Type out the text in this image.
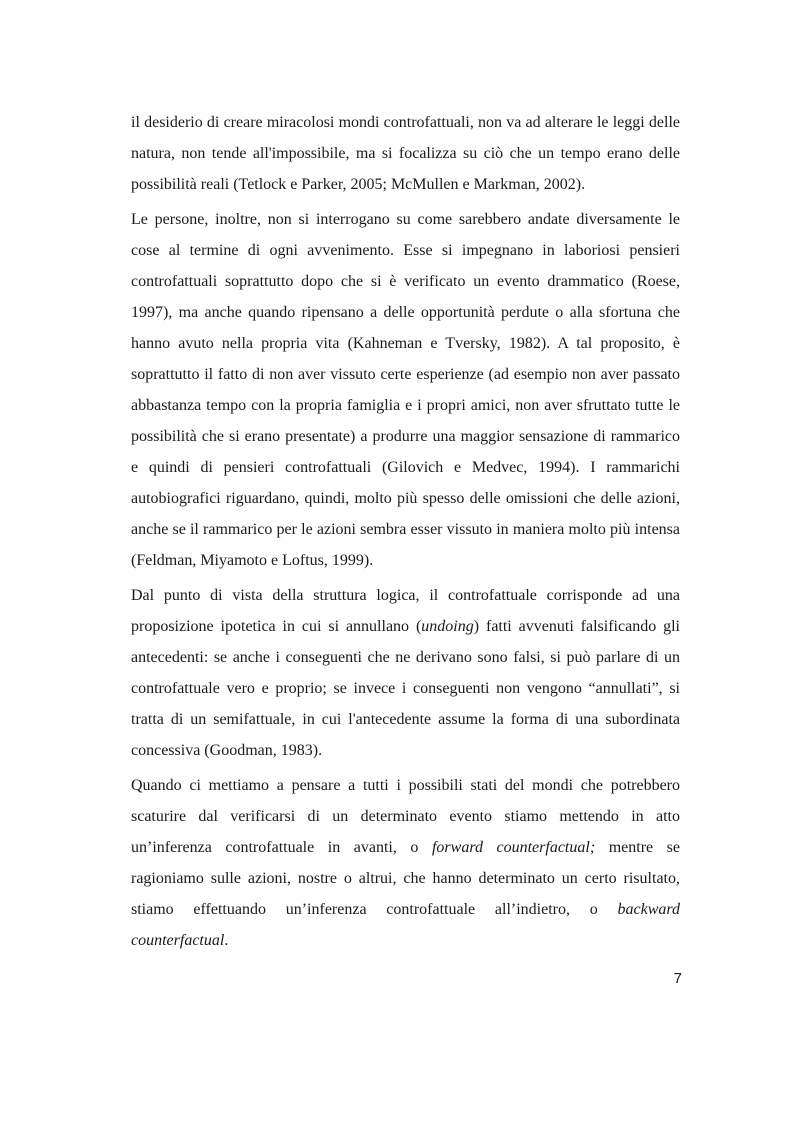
il desiderio di creare miracolosi mondi controfattuali, non va ad alterare le leggi delle natura, non tende all'impossibile, ma si focalizza su ciò che un tempo erano delle possibilità reali (Tetlock e Parker, 2005; McMullen e Markman, 2002).

Le persone, inoltre, non si interrogano su come sarebbero andate diversamente le cose al termine di ogni avvenimento. Esse si impegnano in laboriosi pensieri controfattuali soprattutto dopo che si è verificato un evento drammatico (Roese, 1997), ma anche quando ripensano a delle opportunità perdute o alla sfortuna che hanno avuto nella propria vita (Kahneman e Tversky, 1982). A tal proposito, è soprattutto il fatto di non aver vissuto certe esperienze (ad esempio non aver passato abbastanza tempo con la propria famiglia e i propri amici, non aver sfruttato tutte le possibilità che si erano presentate) a produrre una maggior sensazione di rammarico e quindi di pensieri controfattuali (Gilovich e Medvec, 1994). I rammarichi autobiografici riguardano, quindi, molto più spesso delle omissioni che delle azioni, anche se il rammarico per le azioni sembra esser vissuto in maniera molto più intensa (Feldman, Miyamoto e Loftus, 1999).

Dal punto di vista della struttura logica, il controfattuale corrisponde ad una proposizione ipotetica in cui si annullano (undoing) fatti avvenuti falsificando gli antecedenti: se anche i conseguenti che ne derivano sono falsi, si può parlare di un controfattuale vero e proprio; se invece i conseguenti non vengono “annullati”, si tratta di un semifattuale, in cui l'antecedente assume la forma di una subordinata concessiva (Goodman, 1983).

Quando ci mettiamo a pensare a tutti i possibili stati del mondi che potrebbero scaturire dal verificarsi di un determinato evento stiamo mettendo in atto un’inferenza controfattuale in avanti, o forward counterfactual; mentre se ragioniamo sulle azioni, nostre o altrui, che hanno determinato un certo risultato, stiamo effettuando un’inferenza controfattuale all’indietro, o backward counterfactual.

7
